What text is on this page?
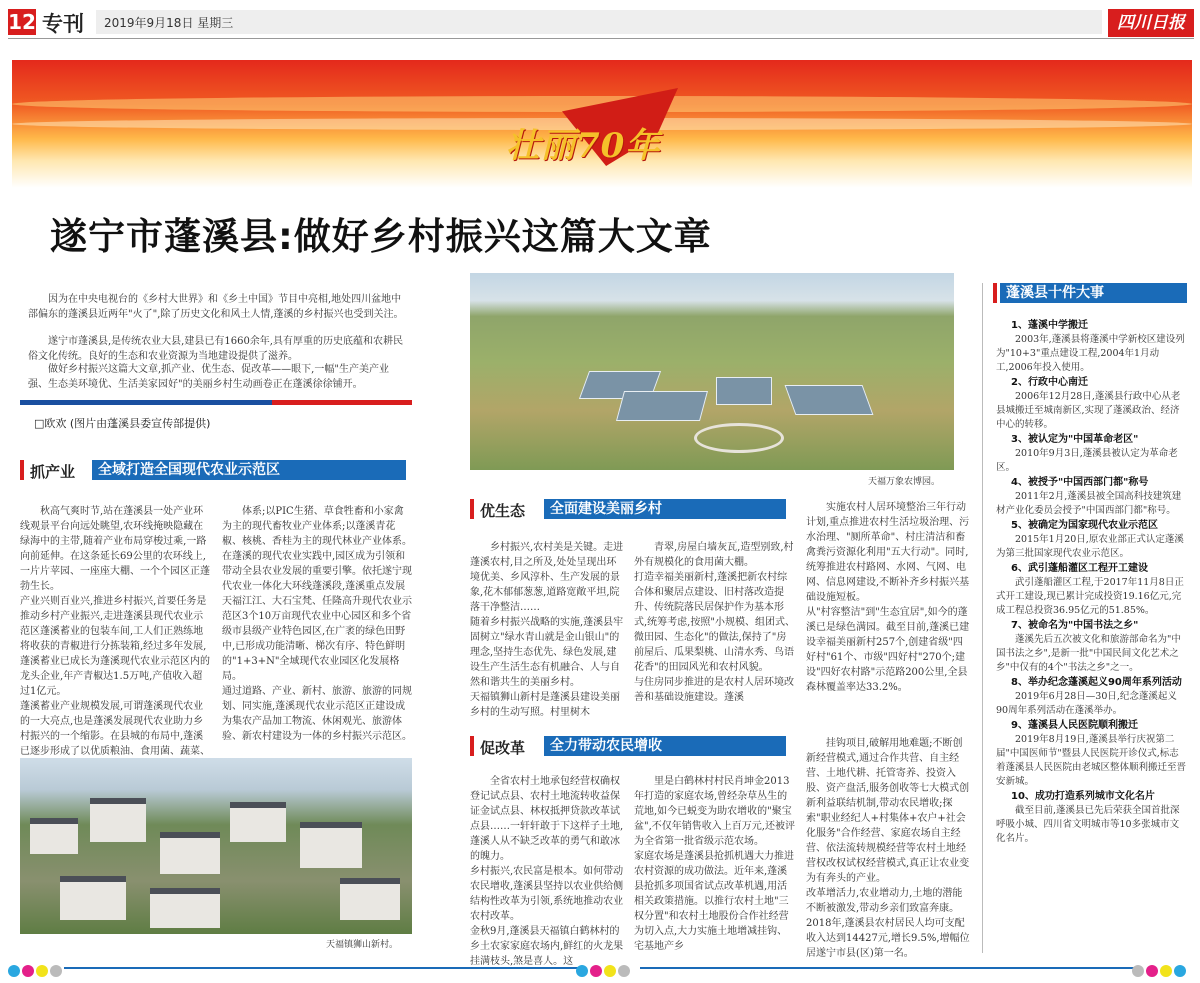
12 专刊 2019年9月18日 星期三	四川日报
壮丽70年
遂宁市蓬溪县:做好乡村振兴这篇大文章
因为在中央电视台的《乡村大世界》和《乡土中国》节目中亮相,地处四川盆地中部偏东的蓬溪县近两年"火了",除了历史文化和风土人情,蓬溪的乡村振兴也受到关注。
遂宁市蓬溪县,是传统农业大县,建县已有1660余年,具有厚重的历史底蕴和农耕民俗文化传统。良好的生态和农业资源为当地建设提供了滋养。
做好乡村振兴这篇大文章,抓产业、优生态、促改革——眼下,一幅"生产美产业强、生态美环境优、生活美家园好"的美丽乡村生动画卷正在蓬溪徐徐铺开。
□欧欢 (图片由蓬溪县委宣传部提供)
抓产业	全域打造全国现代农业示范区

秋高气爽时节,站在蓬溪县一处产业环线观景平台向远处眺望,农环线掩映隐藏在绿海中的主带,随着产业布局穿梭过乘,一路向前延伸。在这条延长69公里的农环线上,一片片苹园、一座座大棚、一个个园区正蓬勃生长。
产业兴则百业兴,推进乡村振兴,首要任务是推动乡村产业振兴,走进蓬溪县现代农业示范区蓬溪蓄业的包装车间,工人们正熟练地将收获的青椒进行分拣装箱,经过多年发展,蓬溪蓄业已成长为蓬溪现代农业示范区内的龙头企业,年产青椒达1.5万吨,产值收入超过1亿元。
蓬溪蓄业产业规模发展,可谓蓬溪现代农业的一大亮点,也是蓬溪发展现代农业助力乡村振兴的一个缩影。在县城的布局中,蓬溪已逐步形成了以优质粮油、食用菌、蔬菜、

体系;以PIC生猪、草食牲畜和小家禽为主的现代畜牧业产业体系;以蓬溪青花椒、核桃、香桂为主的现代林业产业体系。
在蓬溪的现代农业实践中,园区成为引领和带动全县农业发展的重要引擎。依托遂宁现代农业一体化大环线蓬溪段,蓬溪重点发展天福江江、大石宝梵、任隆高升现代农业示范区3个10万亩现代农业中心园区和多个省级市县级产业特色园区,在广袤的绿色田野中,已形成功能清晰、梯次有序、特色鲜明的"1+3+N"全域现代农业园区化发展格局。
通过道路、产业、新村、旅游、旅游的同规划、同实施,蓬溪现代农业示范区正建设成为集农产品加工物流、休闲观光、旅游体验、新农村建设为一体的乡村振兴示范区。

天福镇狮山新村。
天福万象农博园。
优生态	全面建设美丽乡村

乡村振兴,农村美是关键。走进蓬溪农村,目之所及,处处呈现出环境优美、乡风淳朴、生产发展的景象,花木郁郁葱葱,道路宽敞平坦,院落干净整洁……
随着乡村振兴战略的实施,蓬溪县牢固树立"绿水青山就是金山银山"的理念,坚持生态优先、绿色发展,建设生产生活生态有机融合、人与自然和谐共生的美丽乡村。
天福镇狮山新村是蓬溪县建设美丽乡村的生动写照。村里树木

青翠,房屋白墙灰瓦,造型别致,村外有规模化的食用菌大棚。
打造幸福美丽新村,蓬溪把新农村综合体和聚居点建设、旧村落改造提升、传统院落民居保护作为基本形式,统筹考虑,按照"小规模、组团式、微田园、生态化"的做法,保持了"房前屋后、瓜果梨桃、山清水秀、鸟语花香"的田园风光和农村风貌。
与住房同步推进的是农村人居环境改善和基础设施建设。蓬溪

实施农村人居环境整治三年行动计划,重点推进农村生活垃圾治理、污水治理、"厕所革命"、村庄清洁和畜禽粪污资源化利用"五大行动"。同时,统筹推进农村路网、水网、气网、电网、信息网建设,不断补齐乡村振兴基础设施短板。
从"村容整洁"到"生态宜居",如今的蓬溪已是绿色满园。截至目前,蓬溪已建设幸福美丽新村257个,创建省级"四好村"61个、市级"四好村"270个;建设"四好农村路"示范路200公里,全县森林覆盖率达33.2%。

促改革	全力带动农民增收

全省农村土地承包经营权确权登记试点县、农村土地流转收益保证金试点县、林权抵押贷款改革试点县……一轩轩敢于下这样子土地,蓬溪人从不缺乏改革的勇气和敢冰的魄力。
乡村振兴,农民富是根本。如何带动农民增收,蓬溪县坚持以农业供给侧结构性改革为引领,系统地推动农业农村改革。
金秋9月,蓬溪县天福镇白鹤林村的乡土农家家庭农场内,鲜红的火龙果挂满枝头,煞是喜人。这

里是白鹤林村村民肖坤金2013年打造的家庭农场,曾经杂草丛生的荒地,如今已蜕变为助农增收的"聚宝盆",不仅年销售收入上百万元,还被评为全省第一批省级示范农场。
家庭农场是蓬溪县抢抓机遇大力推进农村资源的成功做法。近年来,蓬溪县抢抓多项国省试点改革机遇,用活相关政策措施。以推行农村土地"三权分置"和农村土地股份合作社经营为切入点,大力实施土地增减挂钩、宅基地产乡

挂钩项目,破解用地难题;不断创新经营模式,通过合作共营、自主经营、土地代耕、托管寄养、投资入股、资产盘活,服务创收等七大模式创新利益联结机制,带动农民增收;探索"职业经纪人+村集体+农户+社会化服务"合作经营、家庭农场自主经营、依法流转规模经营等农村土地经营权改权试权经营模式,真正让农业变为有奔头的产业。
改革增活力,农业增动力,土地的潜能不断被激发,带动乡亲们致富奔康。2018年,蓬溪县农村居民人均可支配收入达到14427元,增长9.5%,增幅位居遂宁市县(区)第一名。

蓬溪县十件大事
1、蓬溪中学搬迁
2003年,蓬溪县将蓬溪中学新校区建设列为"10+3"重点建设工程,2004年1月动工,2006年投入使用。
2、行政中心南迁
2006年12月28日,蓬溪县行政中心从老县城搬迁至城南新区,实现了蓬溪政治、经济中心的转移。
3、被认定为"中国革命老区"
2010年9月3日,蓬溪县被认定为革命老区。
4、被授予"中国西部门都"称号
2011年2月,蓬溪县被全国高科技建筑建材产业化委员会授予"中国西部门都"称号。
5、被确定为国家现代农业示范区
2015年1月20日,原农业部正式认定蓬溪为第三批国家现代农业示范区。
6、武引蓬船灌区工程开工建设
武引蓬船灌区工程,于2017年11月8日正式开工建设,现已累计完成投资19.16亿元,完成工程总投资36.95亿元的51.85%。
7、被命名为"中国书法之乡"
蓬溪先后五次被文化和旅游部命名为"中国书法之乡",是新一批"中国民间文化艺术之乡"中仅有的4个"书法之乡"之一。
8、举办纪念蓬溪起义90周年系列活动
2019年6月28日—30日,纪念蓬溪起义90周年系列活动在蓬溪举办。
9、蓬溪县人民医院顺利搬迁
2019年8月19日,蓬溪县举行庆祝第二届"中国医师节"暨县人民医院开诊仪式,标志着蓬溪县人民医院由老城区整体顺利搬迁至晋安新城。
10、成功打造系列城市文化名片
截至目前,蓬溪县已先后荣获全国首批深呼吸小城、四川省文明城市等10多张城市文化名片。
